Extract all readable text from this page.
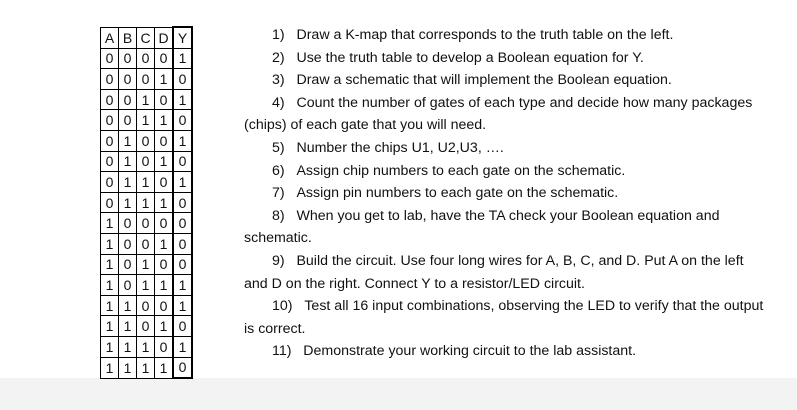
A	B	C	D	Y
0	0	0	0	1
0	0	0	1	0
0	0	1	0	1
0	0	1	1	0
0	1	0	0	1
0	1	0	1	0
0	1	1	0	1
0	1	1	1	0
1	0	0	0	0
1	0	0	1	0
1	0	1	0	0
1	0	1	1	1
1	1	0	0	1
1	1	0	1	0
1	1	1	0	1
1	1	1	1	0
1) Draw a K-map that corresponds to the truth table on the left.
2) Use the truth table to develop a Boolean equation for Y.
3) Draw a schematic that will implement the Boolean equation.
4) Count the number of gates of each type and decide how many packages
(chips) of each gate that you will need.
5) Number the chips U1, U2,U3, ….
6) Assign chip numbers to each gate on the schematic.
7) Assign pin numbers to each gate on the schematic.
8) When you get to lab, have the TA check your Boolean equation and
schematic.
9) Build the circuit. Use four long wires for A, B, C, and D. Put A on the left
and D on the right. Connect Y to a resistor/LED circuit.
10) Test all 16 input combinations, observing the LED to verify that the output
is correct.
11) Demonstrate your working circuit to the lab assistant.
